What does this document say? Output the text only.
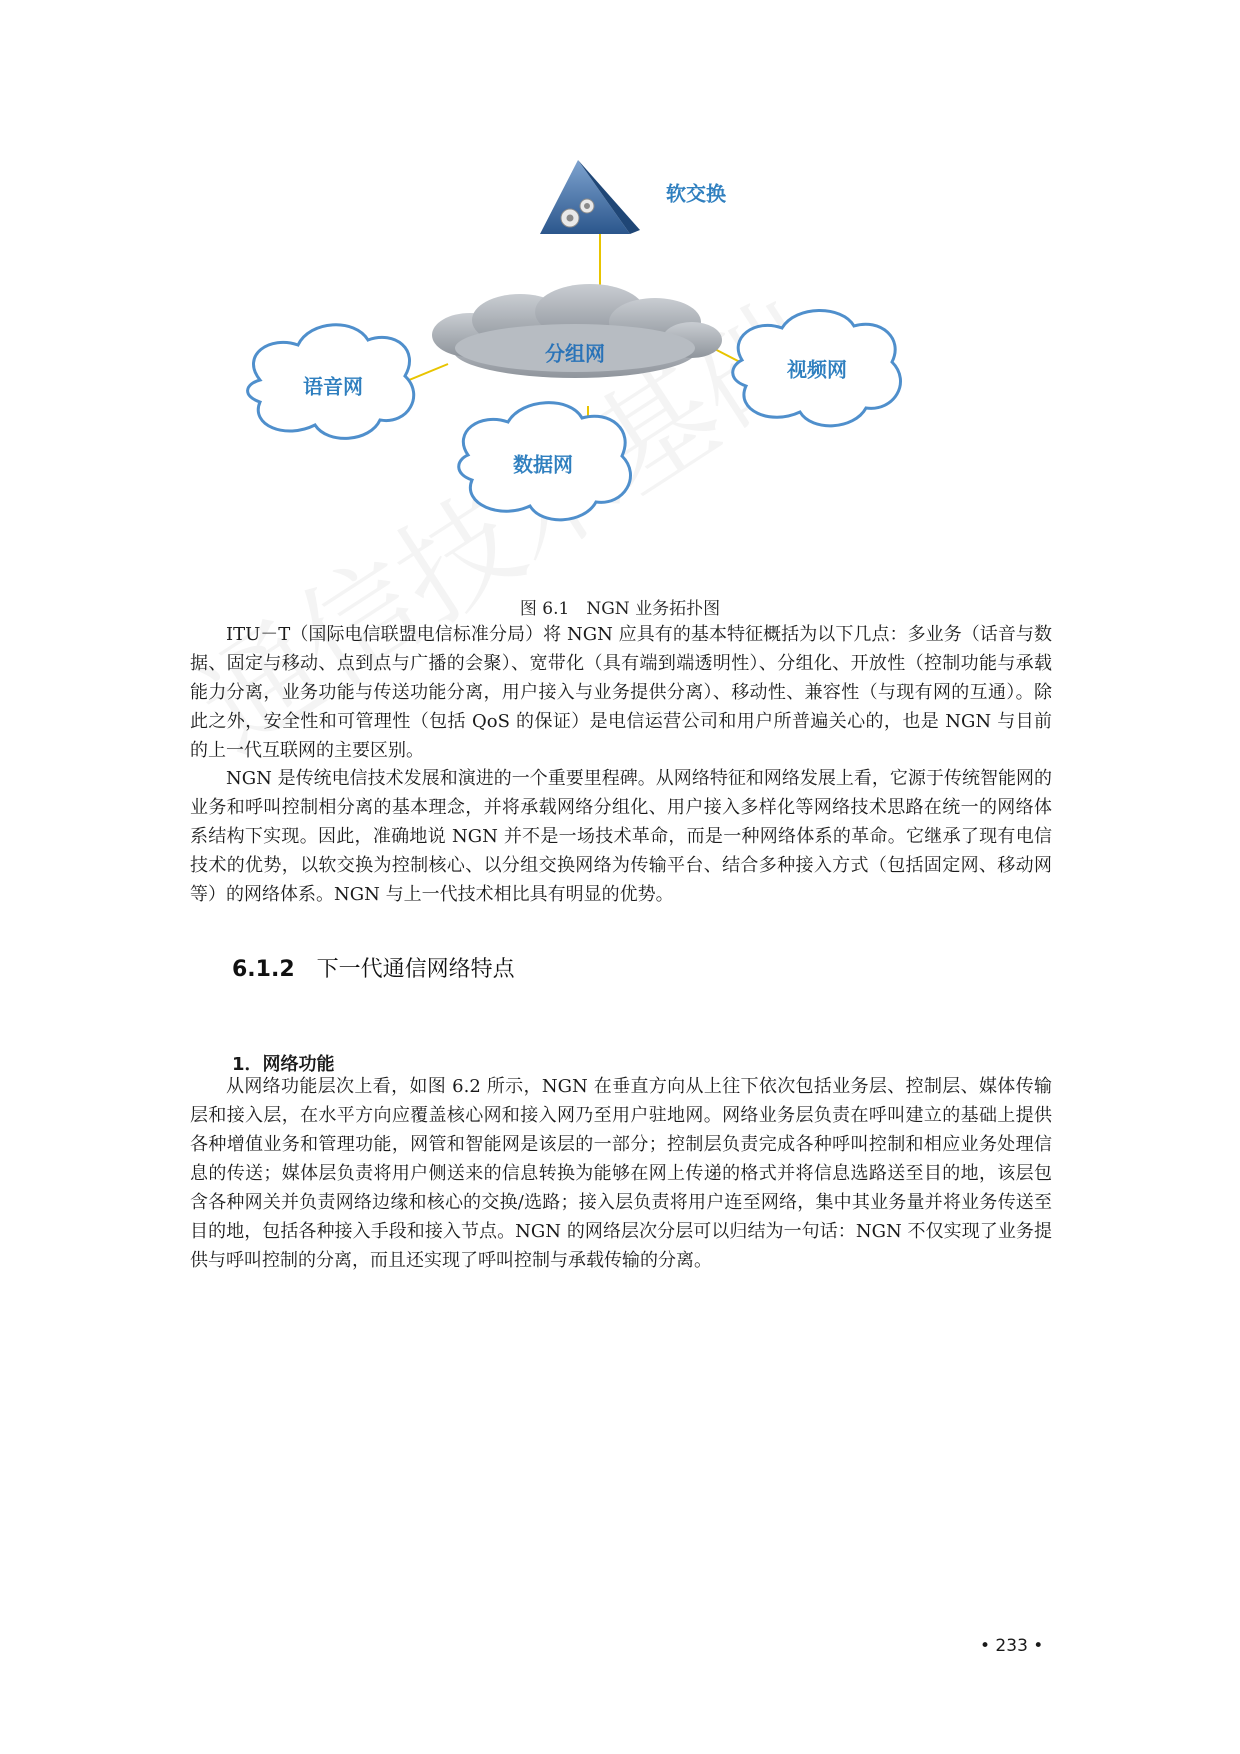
软交换
分组网
语音网
视频网
数据网
图 6.1　NGN 业务拓扑图

ITU－T（国际电信联盟电信标准分局）将 NGN 应具有的基本特征概括为以下几点：多业务（话音与数据、固定与移动、点到点与广播的会聚）、宽带化（具有端到端透明性）、分组化、开放性（控制功能与承载能力分离，业务功能与传送功能分离，用户接入与业务提供分离）、移动性、兼容性（与现有网的互通）。除此之外，安全性和可管理性（包括 QoS 的保证）是电信运营公司和用户所普遍关心的，也是 NGN 与目前的上一代互联网的主要区别。

NGN 是传统电信技术发展和演进的一个重要里程碑。从网络特征和网络发展上看，它源于传统智能网的业务和呼叫控制相分离的基本理念，并将承载网络分组化、用户接入多样化等网络技术思路在统一的网络体系结构下实现。因此，准确地说 NGN 并不是一场技术革命，而是一种网络体系的革命。它继承了现有电信技术的优势，以软交换为控制核心、以分组交换网络为传输平台、结合多种接入方式（包括固定网、移动网等）的网络体系。NGN 与上一代技术相比具有明显的优势。

6.1.2 下一代通信网络特点
1．网络功能

从网络功能层次上看，如图 6.2 所示，NGN 在垂直方向从上往下依次包括业务层、控制层、媒体传输层和接入层，在水平方向应覆盖核心网和接入网乃至用户驻地网。网络业务层负责在呼叫建立的基础上提供各种增值业务和管理功能，网管和智能网是该层的一部分；控制层负责完成各种呼叫控制和相应业务处理信息的传送；媒体层负责将用户侧送来的信息转换为能够在网上传递的格式并将信息选路送至目的地，该层包含各种网关并负责网络边缘和核心的交换/选路；接入层负责将用户连至网络，集中其业务量并将业务传送至目的地，包括各种接入手段和接入节点。NGN 的网络层次分层可以归结为一句话：NGN 不仅实现了业务提供与呼叫控制的分离，而且还实现了呼叫控制与承载传输的分离。

• 233 •
